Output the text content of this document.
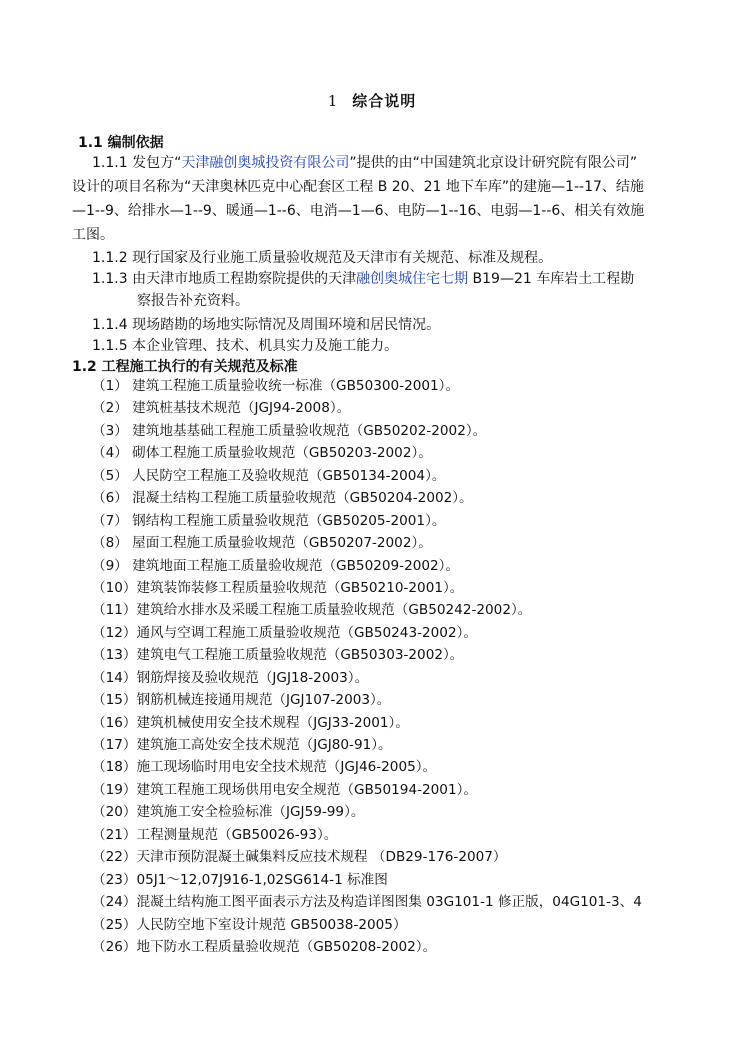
1 综合说明
1.1 编制依据
1.1.1 发包方“天津融创奥城投资有限公司”提供的由“中国建筑北京设计研究院有限公司”
设计的项目名称为“天津奥林匹克中心配套区工程 B 20、21 地下车库”的建施—1--17、结施
—1--9、给排水—1--9、暖通—1--6、电消—1—6、电防—1--16、电弱—1--6、相关有效施
工图。
1.1.2 现行国家及行业施工质量验收规范及天津市有关规范、标准及规程。
1.1.3 由天津市地质工程勘察院提供的天津融创奥城住宅七期 B19—21 车库岩土工程勘
察报告补充资料。
1.1.4 现场踏勘的场地实际情况及周围环境和居民情况。
1.1.5 本企业管理、技术、机具实力及施工能力。
1.2 工程施工执行的有关规范及标准
（1） 建筑工程施工质量验收统一标准（GB50300-2001）。
（2） 建筑桩基技术规范（JGJ94-2008）。
（3） 建筑地基基础工程施工质量验收规范（GB50202-2002）。
（4） 砌体工程施工质量验收规范（GB50203-2002）。
（5） 人民防空工程施工及验收规范（GB50134-2004）。
（6） 混凝土结构工程施工质量验收规范（GB50204-2002）。
（7） 钢结构工程施工质量验收规范（GB50205-2001）。
（8） 屋面工程施工质量验收规范（GB50207-2002）。
（9） 建筑地面工程施工质量验收规范（GB50209-2002）。
（10）建筑装饰装修工程质量验收规范（GB50210-2001）。
（11）建筑给水排水及采暖工程施工质量验收规范（GB50242-2002）。
（12）通风与空调工程施工质量验收规范（GB50243-2002）。
（13）建筑电气工程施工质量验收规范（GB50303-2002）。
（14）钢筋焊接及验收规范（JGJ18-2003）。
（15）钢筋机械连接通用规范（JGJ107-2003）。
（16）建筑机械使用安全技术规程（JGJ33-2001）。
（17）建筑施工高处安全技术规范（JGJ80-91）。
（18）施工现场临时用电安全技术规范（JGJ46-2005）。
（19）建筑工程施工现场供用电安全规范（GB50194-2001）。
（20）建筑施工安全检验标准（JGJ59-99）。
（21）工程测量规范（GB50026-93）。
（22）天津市预防混凝土碱集料反应技术规程 （DB29-176-2007）
（23）05J1～12,07J916-1,02SG614-1 标准图
（24）混凝土结构施工图平面表示方法及构造详图图集 03G101-1 修正版，04G101-3、4
（25）人民防空地下室设计规范 GB50038-2005）
（26）地下防水工程质量验收规范（GB50208-2002）。
